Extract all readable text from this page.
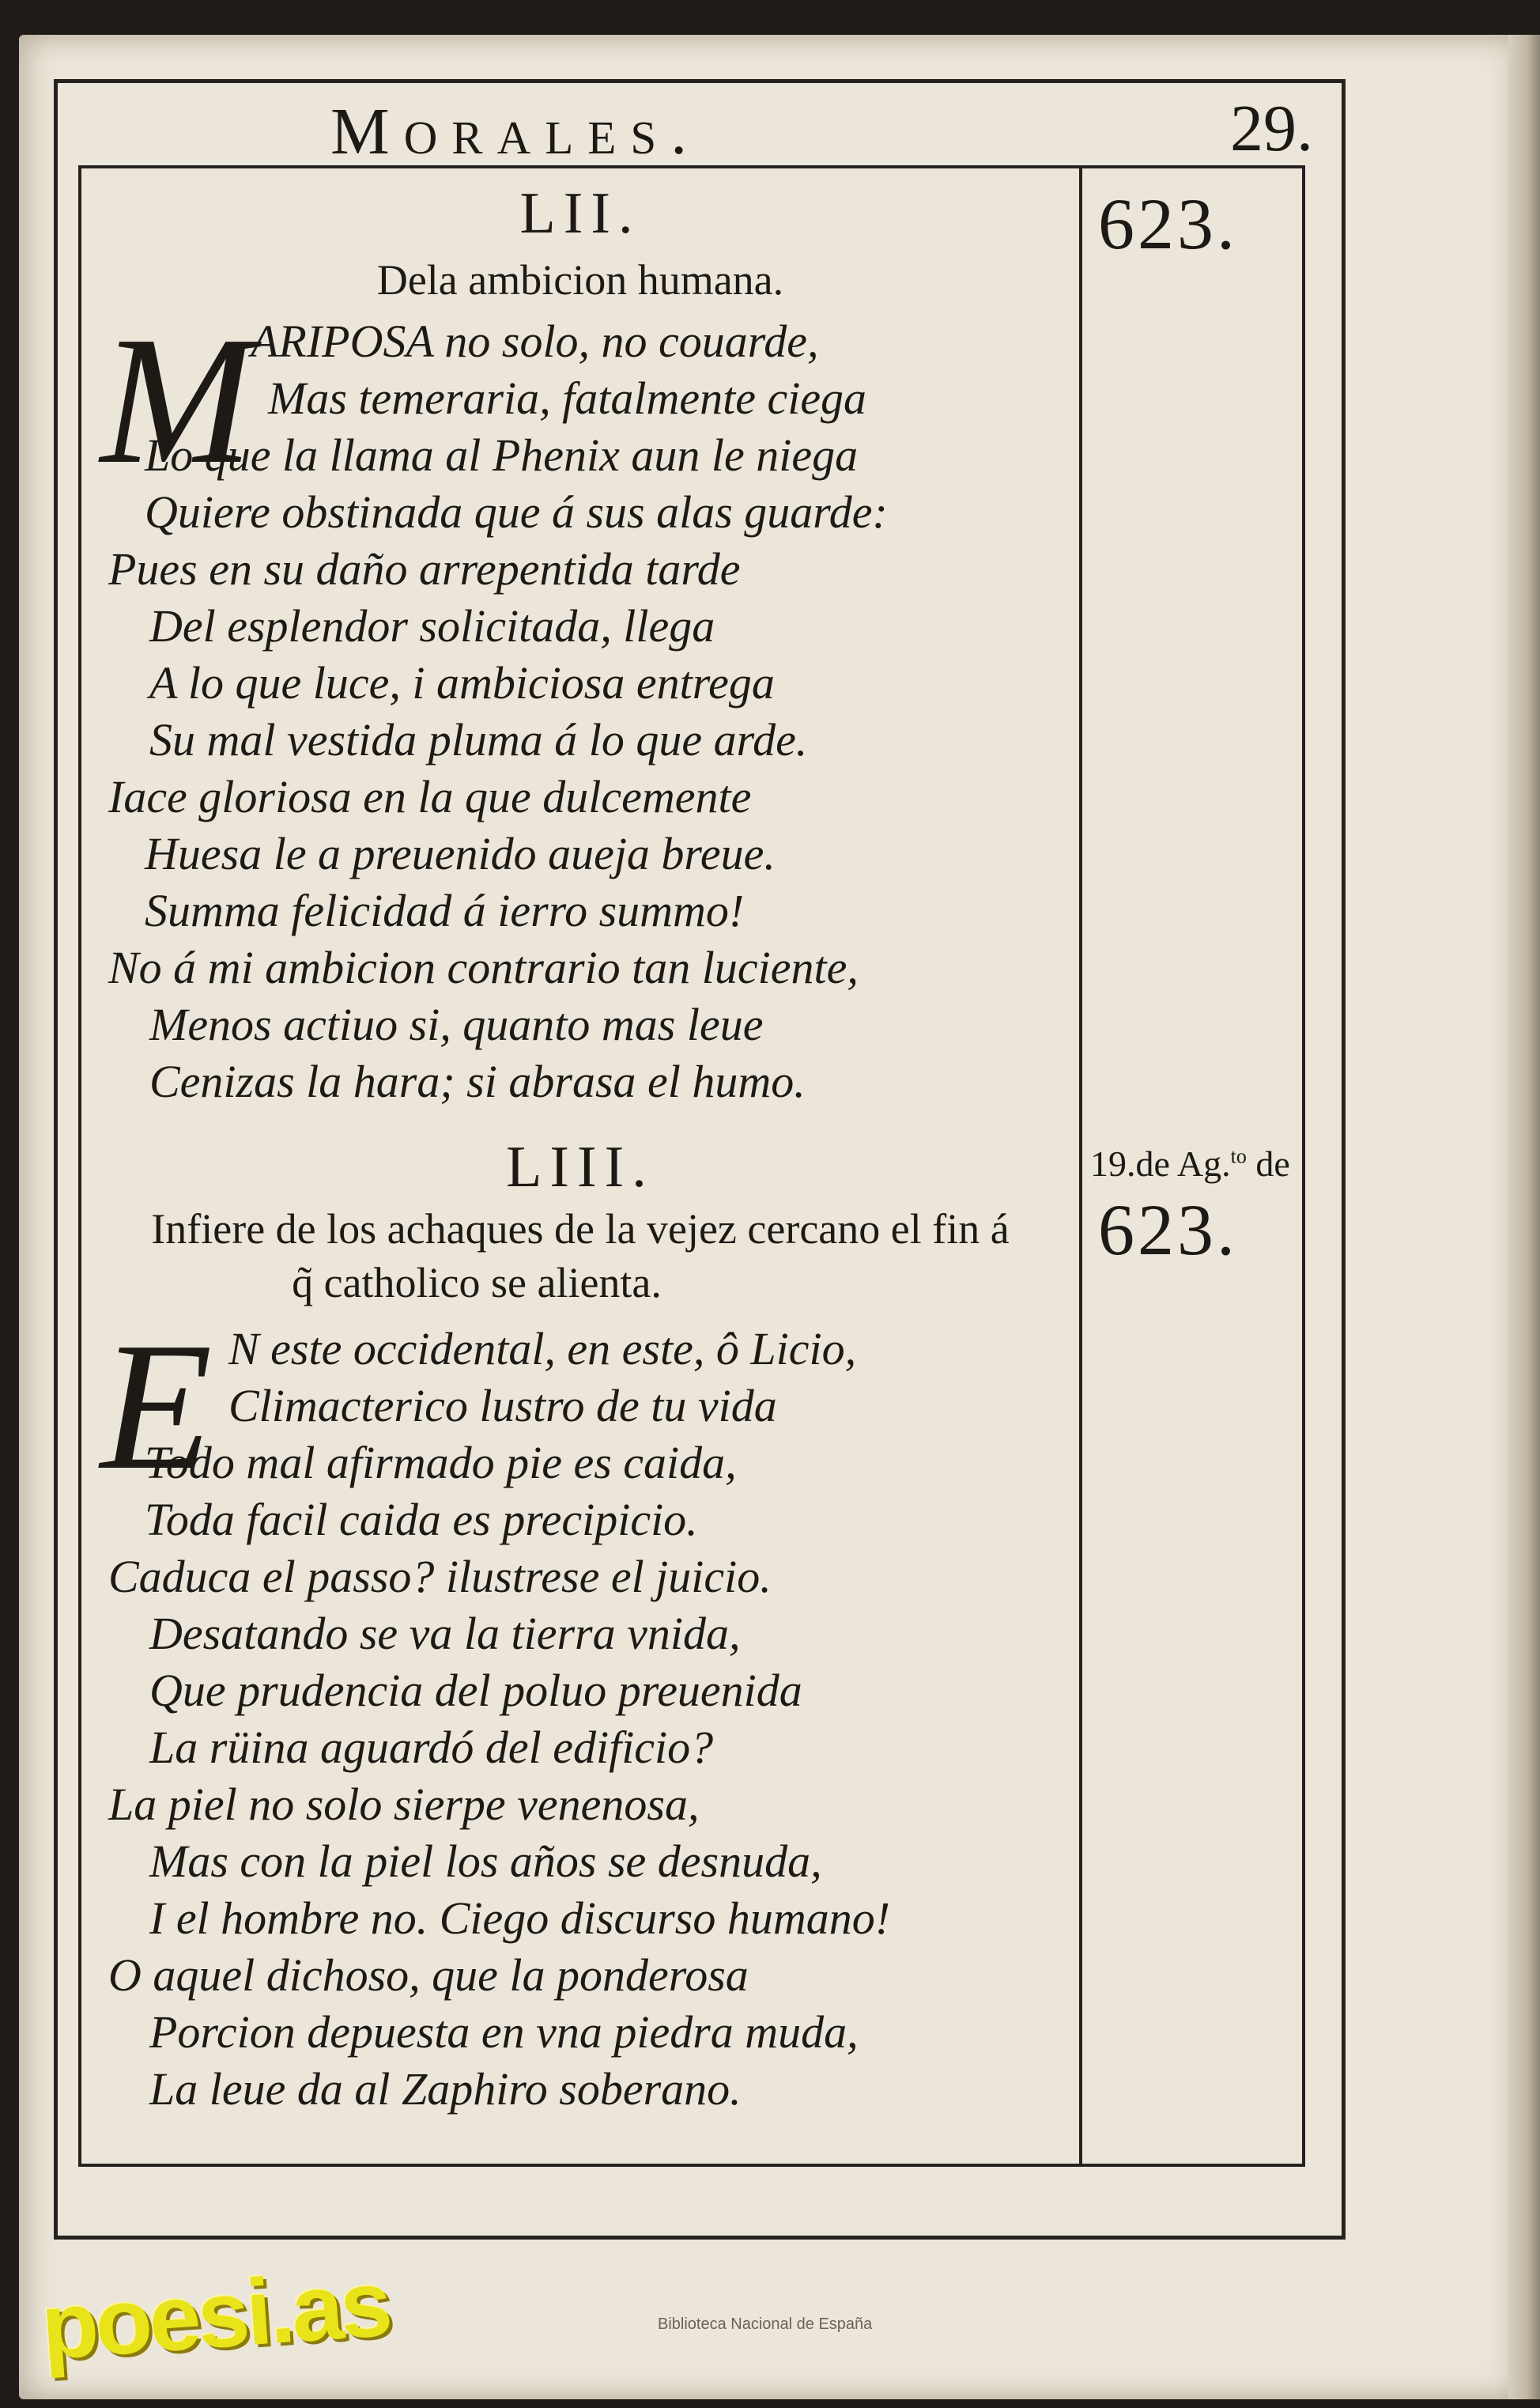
Morales.	29.
LII.
Dela ambicion humana.
M
ARIPOSA no solo, no couarde,
Mas temeraria, fatalmente ciega
Lo que la llama al Phenix aun le niega
Quiere obstinada que á sus alas guarde:
Pues en su daño arrepentida tarde
Del esplendor solicitada, llega
A lo que luce, i ambiciosa entrega
Su mal vestida pluma á lo que arde.
Iace gloriosa en la que dulcemente
Huesa le a preuenido aueja breue.
Summa felicidad á ierro summo!
No á mi ambicion contrario tan luciente,
Menos actiuo si, quanto mas leue
Cenizas la hara; si abrasa el humo.
LIII.
Infiere de los achaques de la vejez cercano el fin á
q̃ catholico se alienta.
E N este occidental, en este, ô Licio,
Climacterico lustro de tu vida
Todo mal afirmado pie es caida,
Toda facil caida es precipicio.
Caduca el passo? ilustrese el juicio.
Desatando se va la tierra vnida,
Que prudencia del poluo preuenida
La rüina aguardó del edificio?
La piel no solo sierpe venenosa,
Mas con la piel los años se desnuda,
I el hombre no. Ciego discurso humano!
O aquel dichoso, que la ponderosa
Porcion depuesta en vna piedra muda,
La leue da al Zaphiro soberano.
623.
19.de Ag.$^{to}$ de
623.
Biblioteca Nacional de España
poesi.as
